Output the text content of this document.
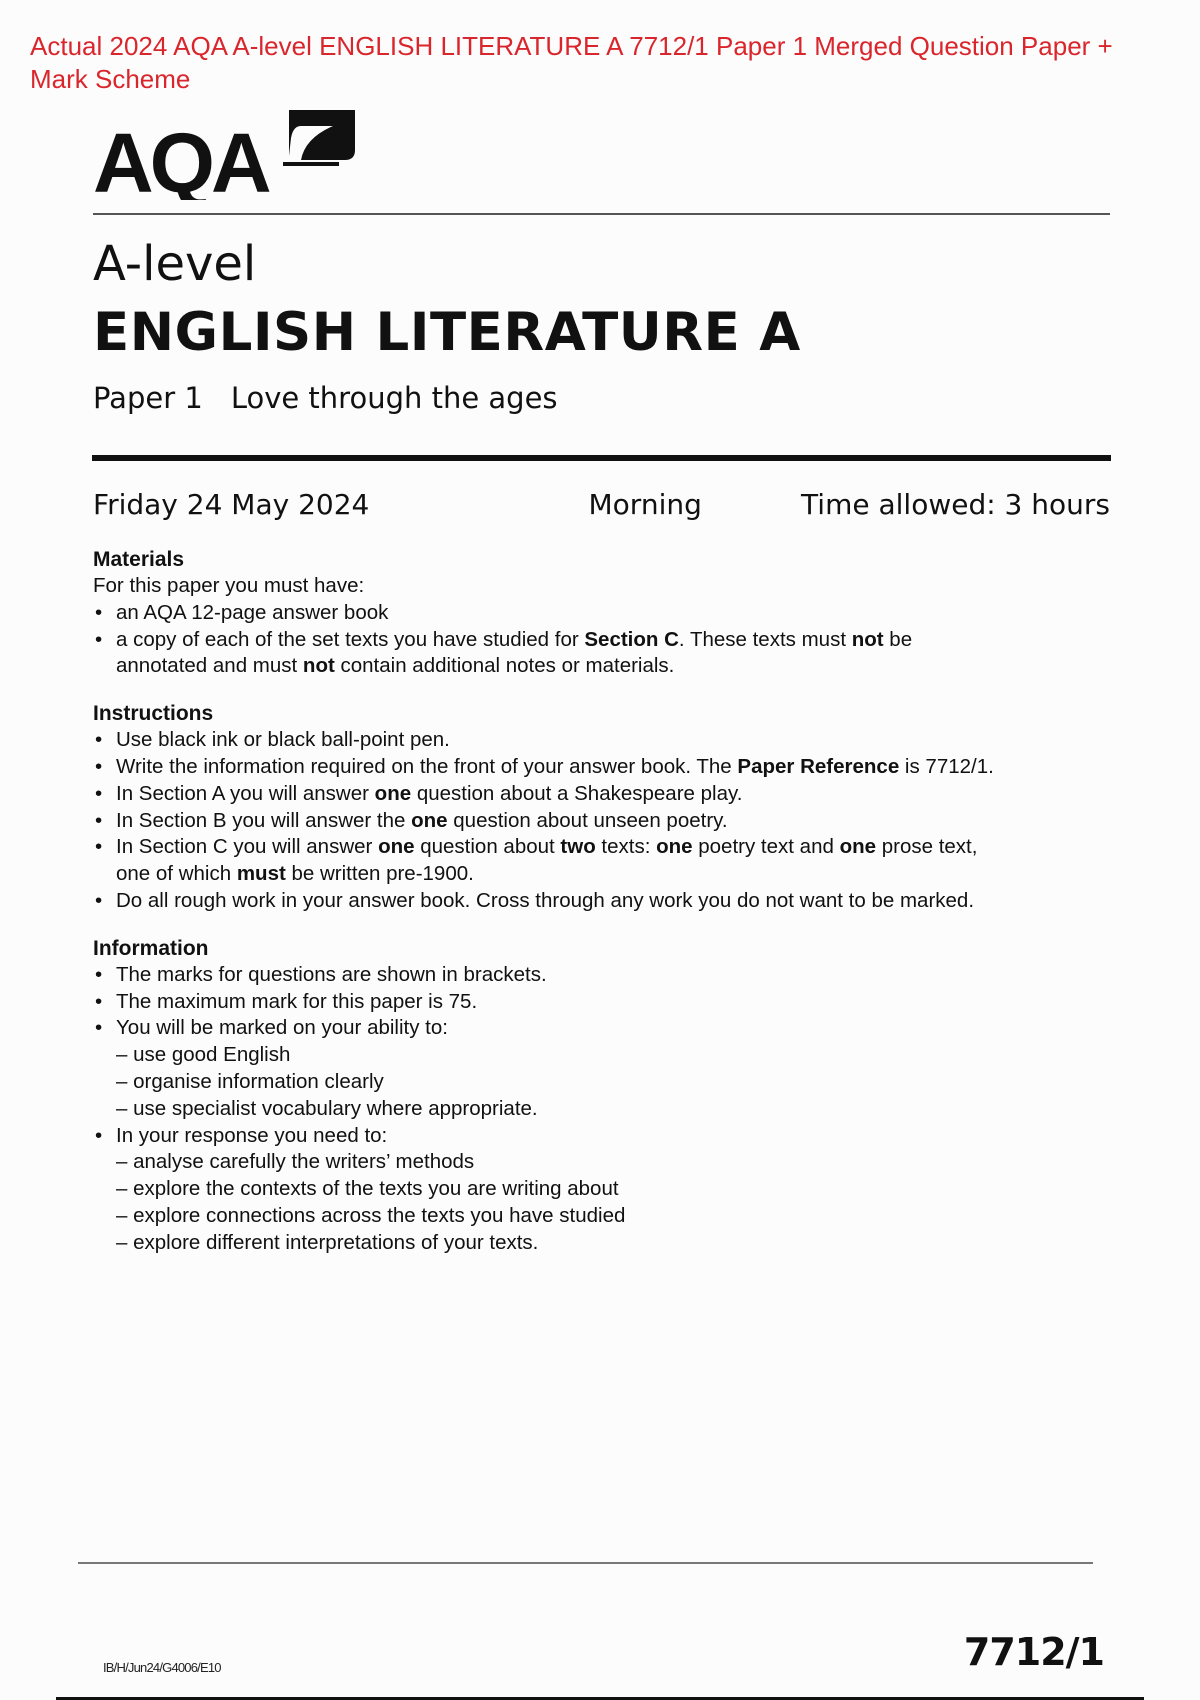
Actual 2024 AQA A-level ENGLISH LITERATURE A 7712/1 Paper 1 Merged Question Paper + Mark Scheme
AQA
A-level
ENGLISH LITERATURE A
Paper 1 Love through the ages
Friday 24 May 2024	Morning	Time allowed: 3 hours
Materials
For this paper you must have:
• an AQA 12-page answer book
• a copy of each of the set texts you have studied for Section C. These texts must not be
annotated and must not contain additional notes or materials.
Instructions
• Use black ink or black ball-point pen.
• Write the information required on the front of your answer book. The Paper Reference is 7712/1.
• In Section A you will answer one question about a Shakespeare play.
• In Section B you will answer the one question about unseen poetry.
• In Section C you will answer one question about two texts: one poetry text and one prose text,
one of which must be written pre-1900.
• Do all rough work in your answer book. Cross through any work you do not want to be marked.
Information
• The marks for questions are shown in brackets.
• The maximum mark for this paper is 75.
• You will be marked on your ability to:
– use good English
– organise information clearly
– use specialist vocabulary where appropriate.
• In your response you need to:
– analyse carefully the writers’ methods
– explore the contexts of the texts you are writing about
– explore connections across the texts you have studied
– explore different interpretations of your texts.
IB/H/Jun24/G4006/E10	7712/1
